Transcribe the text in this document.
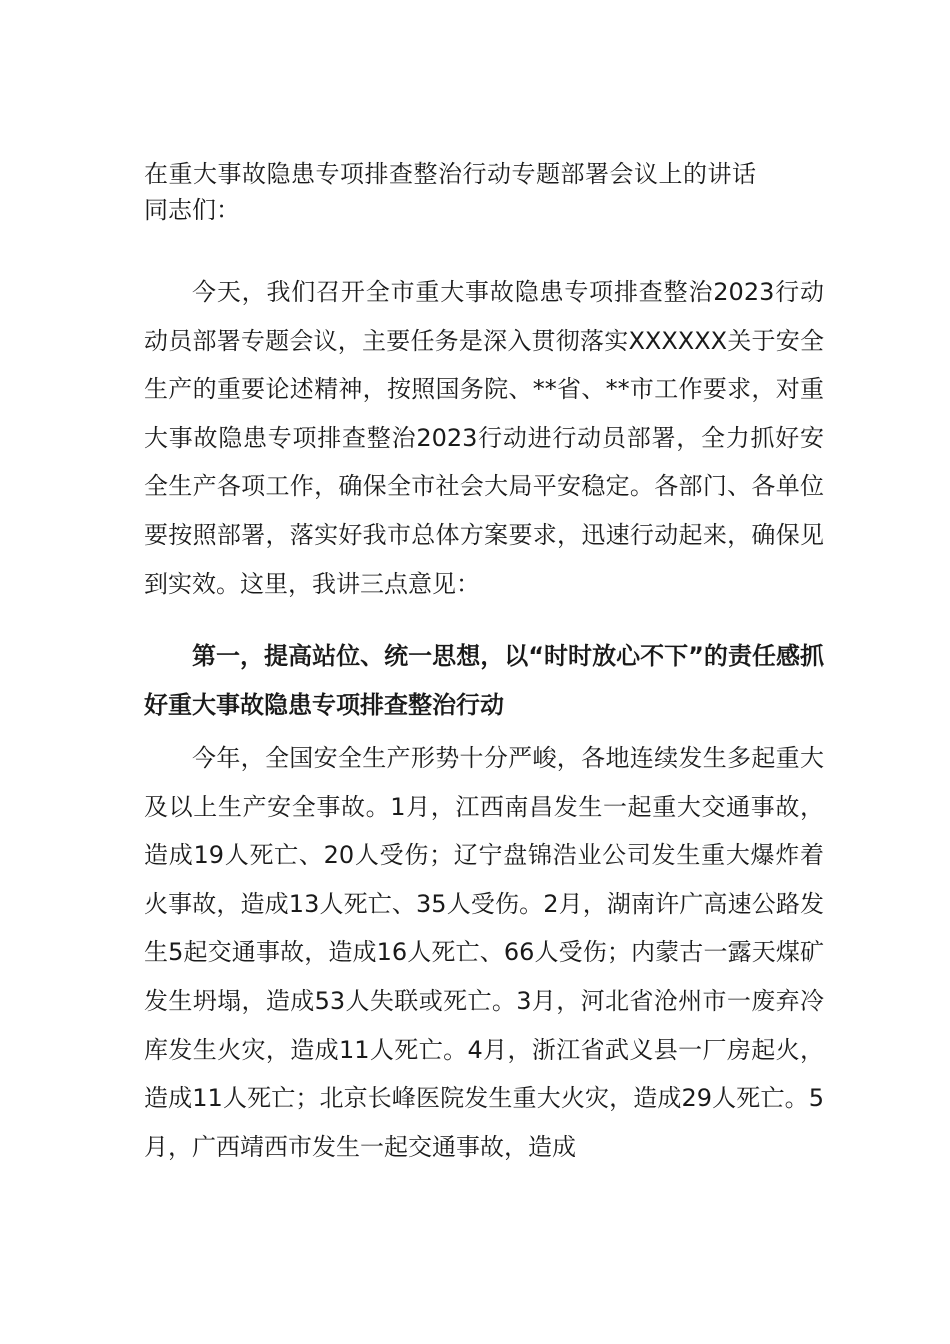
在重大事故隐患专项排查整治行动专题部署会议上的讲话
同志们：

今天，我们召开全市重大事故隐患专项排查整治2023行动动员部署专题会议，主要任务是深入贯彻落实XXXXXX关于安全生产的重要论述精神，按照国务院、**省、**市工作要求，对重大事故隐患专项排查整治2023行动进行动员部署，全力抓好安全生产各项工作，确保全市社会大局平安稳定。各部门、各单位要按照部署，落实好我市总体方案要求，迅速行动起来，确保见到实效。这里，我讲三点意见：

第一，提高站位、统一思想，以“时时放心不下”的责任感抓好重大事故隐患专项排查整治行动

今年，全国安全生产形势十分严峻，各地连续发生多起重大及以上生产安全事故。1月，江西南昌发生一起重大交通事故，造成19人死亡、20人受伤；辽宁盘锦浩业公司发生重大爆炸着火事故，造成13人死亡、35人受伤。2月，湖南许广高速公路发生5起交通事故，造成16人死亡、66人受伤；内蒙古一露天煤矿发生坍塌，造成53人失联或死亡。3月，河北省沧州市一废弃冷库发生火灾，造成11人死亡。4月，浙江省武义县一厂房起火，造成11人死亡；北京长峰医院发生重大火灾，造成29人死亡。5月，广西靖西市发生一起交通事故，造成
